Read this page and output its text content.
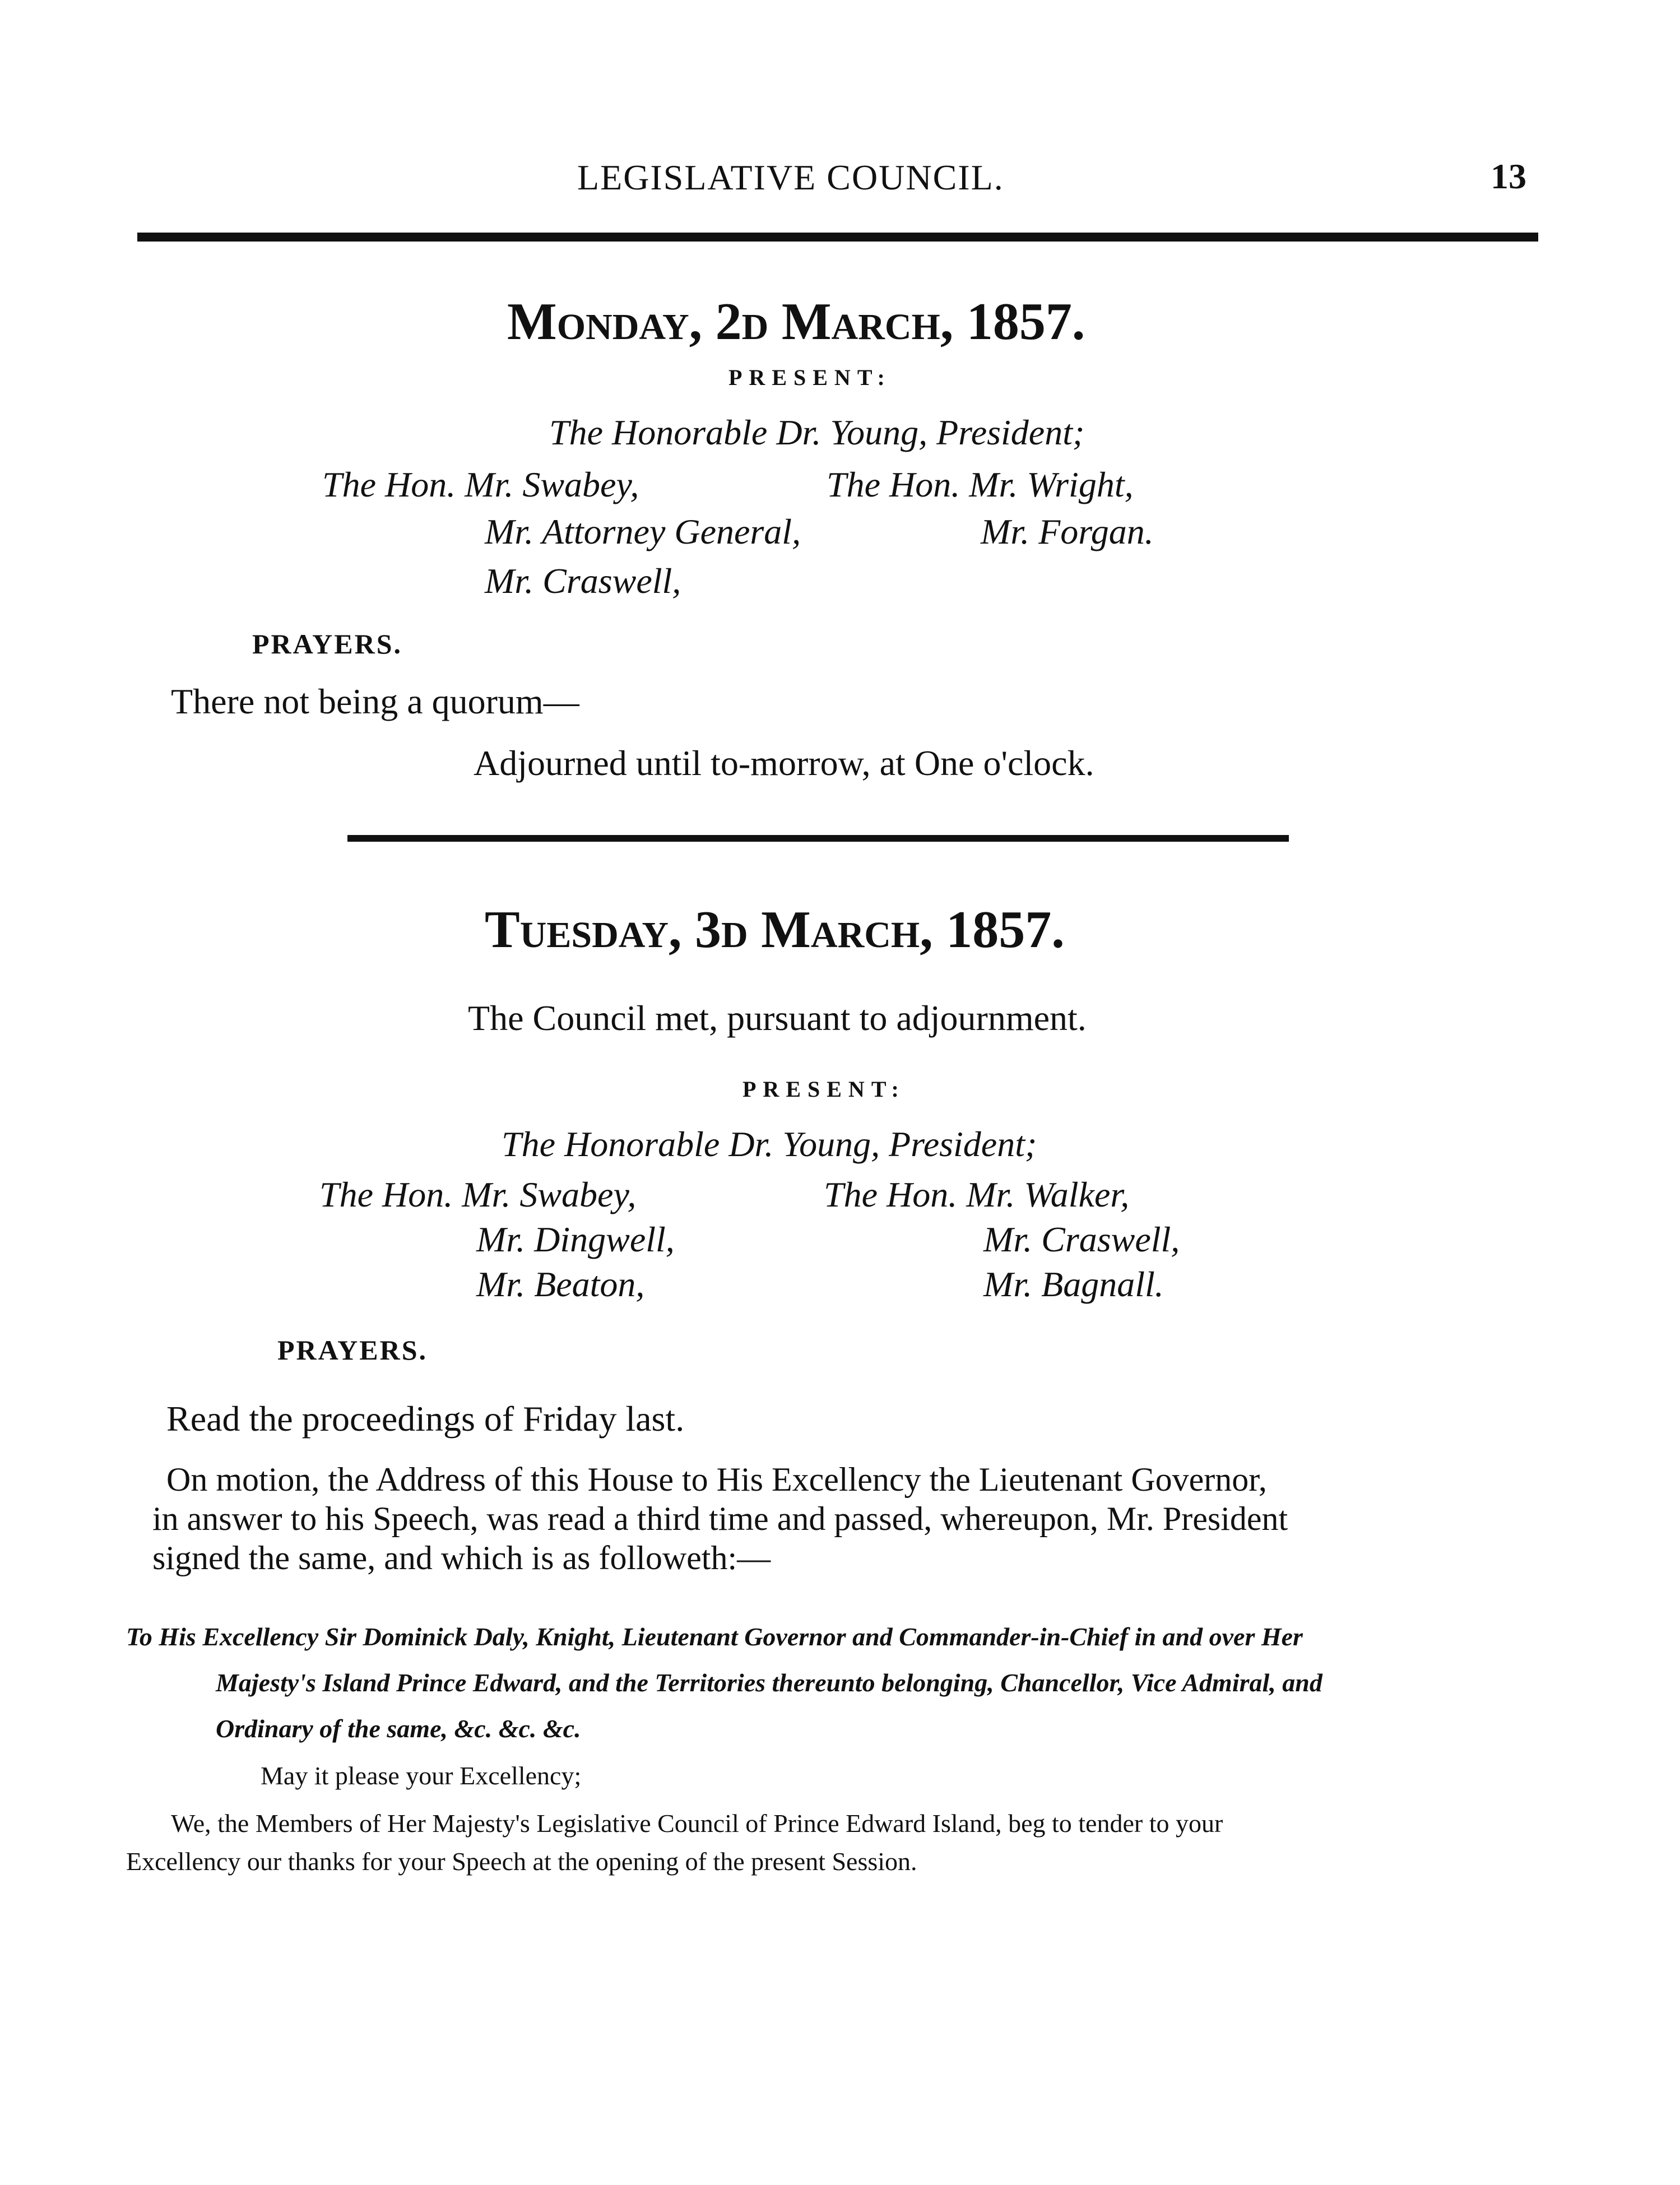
LEGISLATIVE COUNCIL.	13
Monday, 2d March, 1857.
PRESENT:
The Honorable Dr. Young, President;
The Hon. Mr. Swabey,
Mr. Attorney General,
Mr. Craswell,
The Hon. Mr. Wright,
Mr. Forgan.
PRAYERS.
There not being a quorum—
Adjourned until to-morrow, at One o'clock.
Tuesday, 3d March, 1857.
The Council met, pursuant to adjournment.
PRESENT:
The Honorable Dr. Young, President;
The Hon. Mr. Swabey,
Mr. Dingwell,
Mr. Beaton,
The Hon. Mr. Walker,
Mr. Craswell,
Mr. Bagnall.
PRAYERS.
Read the proceedings of Friday last.
On motion, the Address of this House to His Excellency the Lieutenant Governor,
in answer to his Speech, was read a third time and passed, whereupon, Mr. President
signed the same, and which is as followeth:—
To His Excellency Sir Dominick Daly, Knight, Lieutenant Governor and Commander-in-Chief in and over Her
Majesty's Island Prince Edward, and the Territories thereunto belonging, Chancellor, Vice Admiral, and
Ordinary of the same, &c. &c. &c.
May it please your Excellency;
We, the Members of Her Majesty's Legislative Council of Prince Edward Island, beg to tender to your
Excellency our thanks for your Speech at the opening of the present Session.
